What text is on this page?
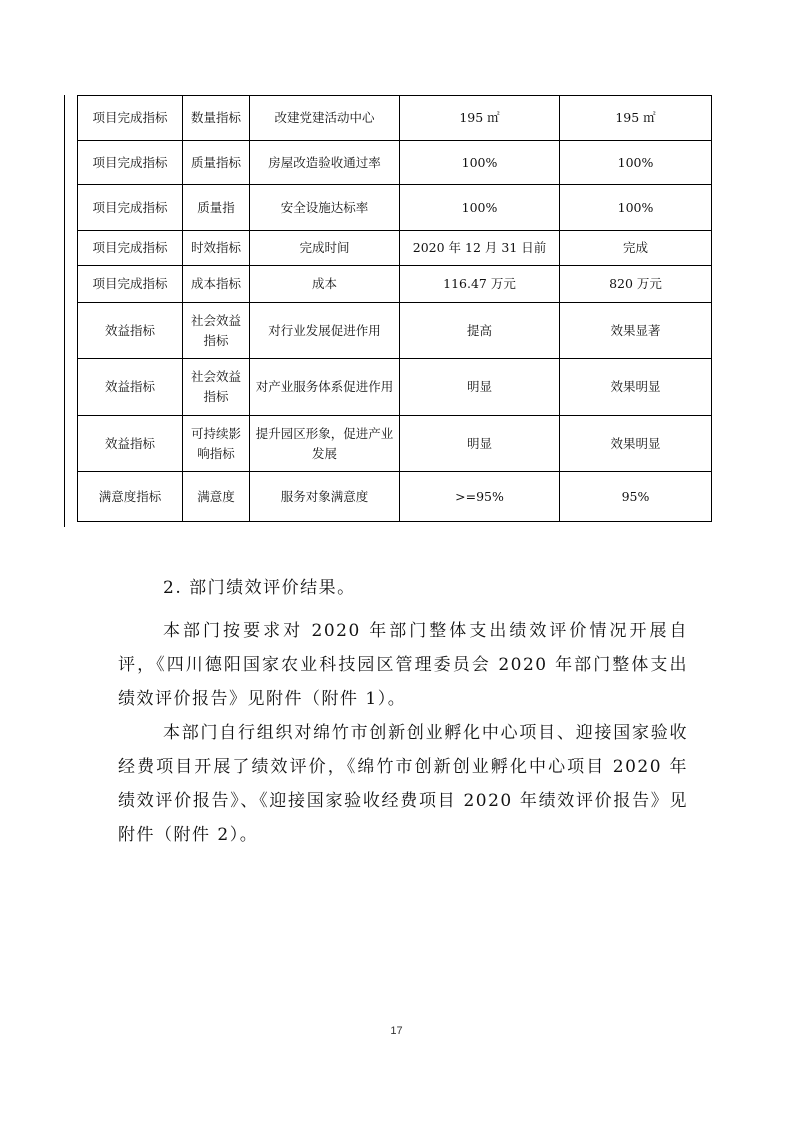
项目完成指标	数量指标	改建党建活动中心	195 ㎡	195 ㎡
项目完成指标	质量指标	房屋改造验收通过率	100%	100%
项目完成指标	质量指	安全设施达标率	100%	100%
项目完成指标	时效指标	完成时间	2020 年 12 月 31 日前	完成
项目完成指标	成本指标	成本	116.47 万元	820 万元
效益指标	社会效益指标	对行业发展促进作用	提高	效果显著
效益指标	社会效益指标	对产业服务体系促进作用	明显	效果明显
效益指标	可持续影响指标	提升园区形象，促进产业发展	明显	效果明显
满意度指标	满意度	服务对象满意度	>=95%	95%
2. 部门绩效评价结果。

本部门按要求对 2020 年部门整体支出绩效评价情况开展自评，《四川德阳国家农业科技园区管理委员会 2020 年部门整体支出绩效评价报告》见附件（附件 1）。

本部门自行组织对绵竹市创新创业孵化中心项目、迎接国家验收经费项目开展了绩效评价，《绵竹市创新创业孵化中心项目 2020 年绩效评价报告》、《迎接国家验收经费项目 2020 年绩效评价报告》见附件（附件 2）。

17
